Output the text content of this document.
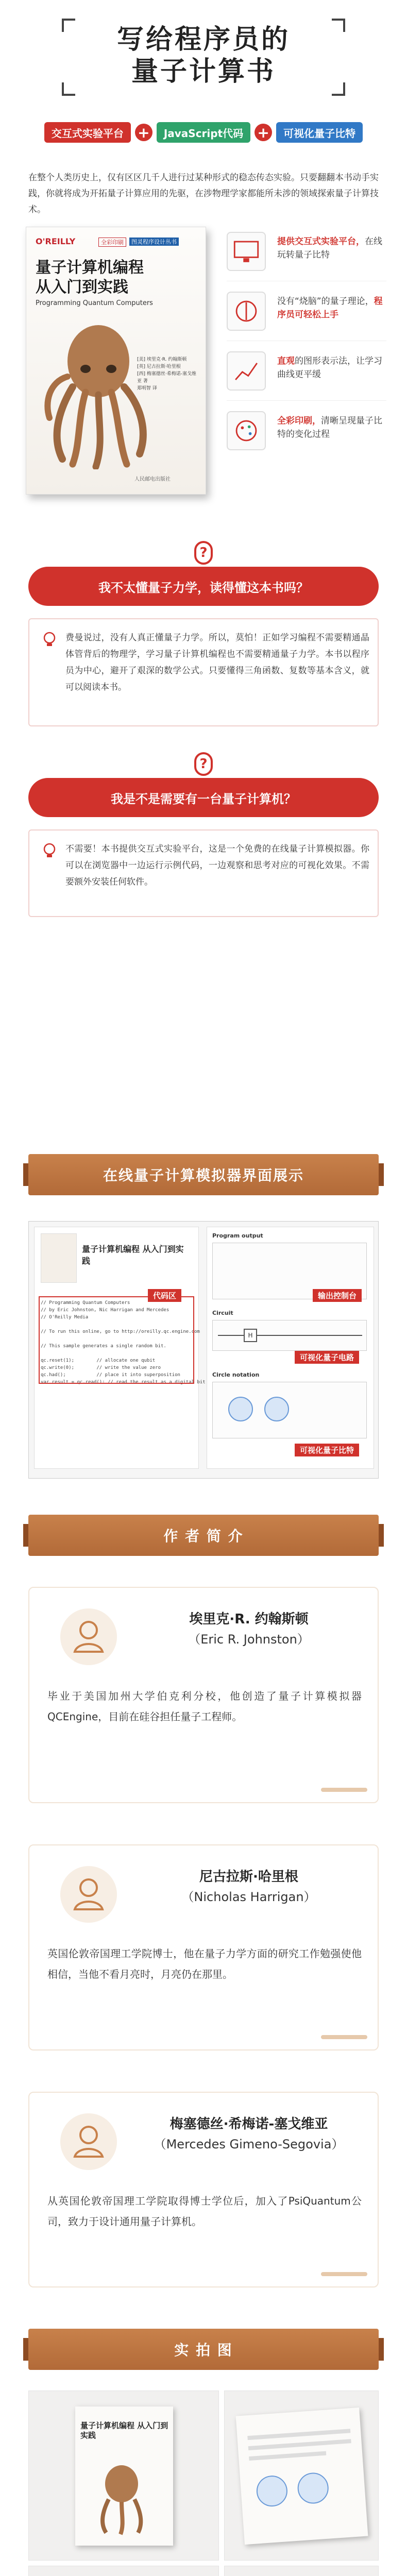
写给程序员的
量子计算书
交互式实验平台 +	JavaScript代码 +	可视化量子比特

在整个人类历史上，仅有区区几千人进行过某种形式的稳态传态实验。只要翻翻本书动手实践，你就将成为开拓量子计算应用的先驱，在涉物理学家都能所未涉的领域探索量子计算技术。

O'REILLY	全彩印刷	图灵程序设计丛书
量子计算机编程
从入门到实践
Programming Quantum Computers
[美] 埃里克·R. 约翰斯顿
[英] 尼古拉斯·哈里根
[西] 梅塞德丝·希梅诺-塞戈维亚 著
郑明智 译
人民邮电出版社
提供交互式实验平台，在线玩转量子比特
没有“烧脑”的量子理论，程序员可轻松上手
直观的图形表示法，让学习曲线更平缓
全彩印刷，清晰呈现量子比特的变化过程
?
我不太懂量子力学，读得懂这本书吗？

费曼说过，没有人真正懂量子力学。所以，莫怕！正如学习编程不需要精通晶体管背后的物理学，学习量子计算机编程也不需要精通量子力学。本书以程序员为中心，避开了艰深的数学公式。只要懂得三角函数、复数等基本含义，就可以阅读本书。

?
我是不是需要有一台量子计算机？

不需要！本书提供交互式实验平台，这是一个免费的在线量子计算模拟器。你可以在浏览器中一边运行示例代码，一边观察和思考对应的可视化效果。不需要额外安装任何软件。

在线量子计算模拟器界面展示
量子计算机编程 从入门到实践
// Programming Quantum Computers
// by Eric Johnston, Nic Harrigan and Mercedes
// O'Reilly Media

// To run this online, go to http://oreilly.qc.engine.com

// This sample generates a single random bit.

qc.reset(1);        // allocate one qubit
qc.write(0);        // write the value zero
qc.had();           // place it into superposition
var result = qc.read(); // read the result as a digital bit
代码区
Program output
输出控制台
Circuit
H
可视化量子电路
Circle notation
可视化量子比特
作 者 简 介
埃里克·R. 约翰斯顿
（Eric R. Johnston）

毕业于美国加州大学伯克利分校，他创造了量子计算模拟器QCEngine，目前在硅谷担任量子工程师。

尼古拉斯·哈里根
（Nicholas Harrigan）

英国伦敦帝国理工学院博士，他在量子力学方面的研究工作勉强使他相信，当他不看月亮时，月亮仍在那里。

梅塞德丝·希梅诺-塞戈维亚
（Mercedes Gimeno-Segovia）

从英国伦敦帝国理工学院取得博士学位后，加入了PsiQuantum公司，致力于设计通用量子计算机。

实 拍 图
量子计算机编程 从入门到实践
